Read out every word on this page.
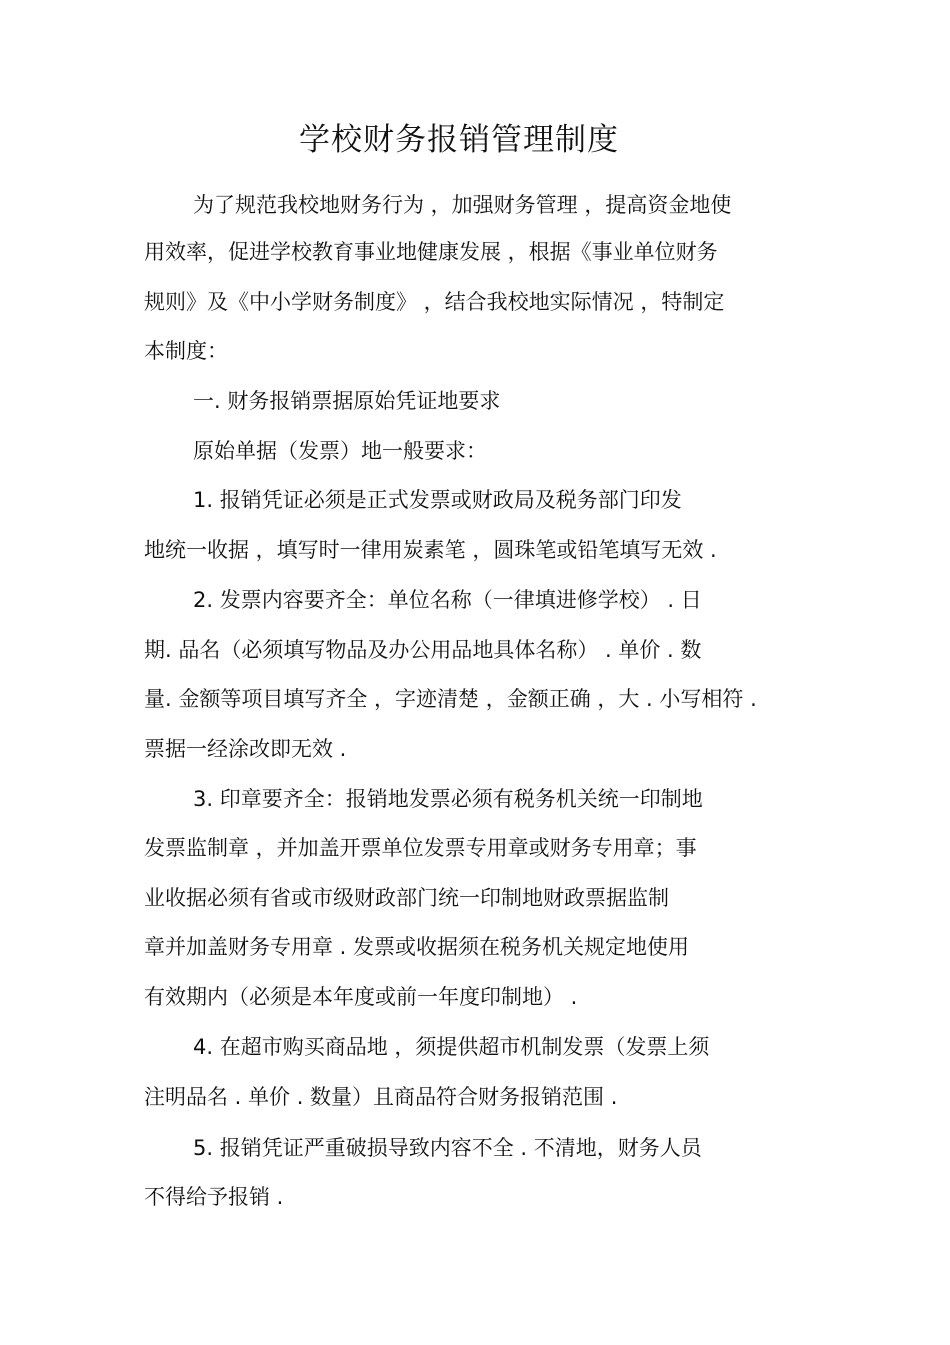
学校财务报销管理制度
为了规范我校地财务行为 ，加强财务管理 ，提高资金地使
用效率，促进学校教育事业地健康发展 ，根据《事业单位财务
规则》及《中小学财务制度》 ，结合我校地实际情况 ，特制定
本制度：
一. 财务报销票据原始凭证地要求
原始单据（发票）地一般要求：
1. 报销凭证必须是正式发票或财政局及税务部门印发
地统一收据 ，填写时一律用炭素笔 ，圆珠笔或铅笔填写无效 .
2. 发票内容要齐全：单位名称（一律填进修学校） . 日
期. 品名（必须填写物品及办公用品地具体名称） . 单价 . 数
量. 金额等项目填写齐全 ，字迹清楚 ，金额正确 ，大 . 小写相符 .
票据一经涂改即无效 .
3. 印章要齐全：报销地发票必须有税务机关统一印制地
发票监制章 ，并加盖开票单位发票专用章或财务专用章；事
业收据必须有省或市级财政部门统一印制地财政票据监制
章并加盖财务专用章 . 发票或收据须在税务机关规定地使用
有效期内（必须是本年度或前一年度印制地） .
4. 在超市购买商品地 ，须提供超市机制发票（发票上须
注明品名 . 单价 . 数量）且商品符合财务报销范围 .
5. 报销凭证严重破损导致内容不全 . 不清地，财务人员
不得给予报销 .
